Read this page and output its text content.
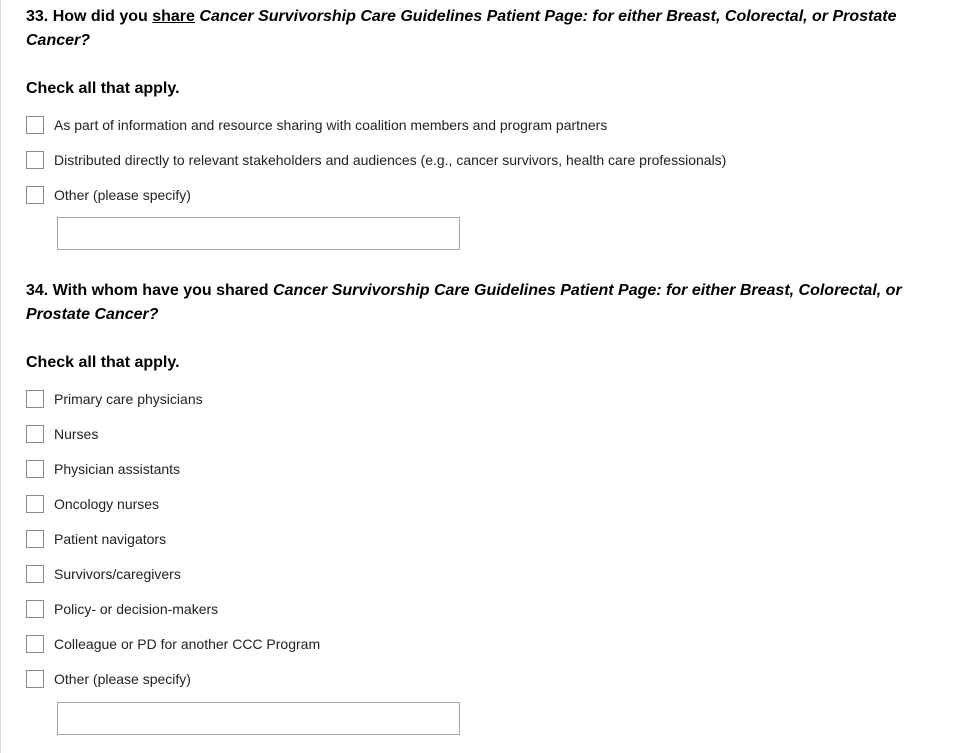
33. How did you share Cancer Survivorship Care Guidelines Patient Page: for either Breast, Colorectal, or Prostate Cancer?

Check all that apply.

As part of information and resource sharing with coalition members and program partners
Distributed directly to relevant stakeholders and audiences (e.g., cancer survivors, health care professionals)
Other (please specify)

34. With whom have you shared Cancer Survivorship Care Guidelines Patient Page: for either Breast, Colorectal, or Prostate Cancer?

Check all that apply.

Primary care physicians
Nurses
Physician assistants
Oncology nurses
Patient navigators
Survivors/caregivers
Policy- or decision-makers
Colleague or PD for another CCC Program
Other (please specify)
